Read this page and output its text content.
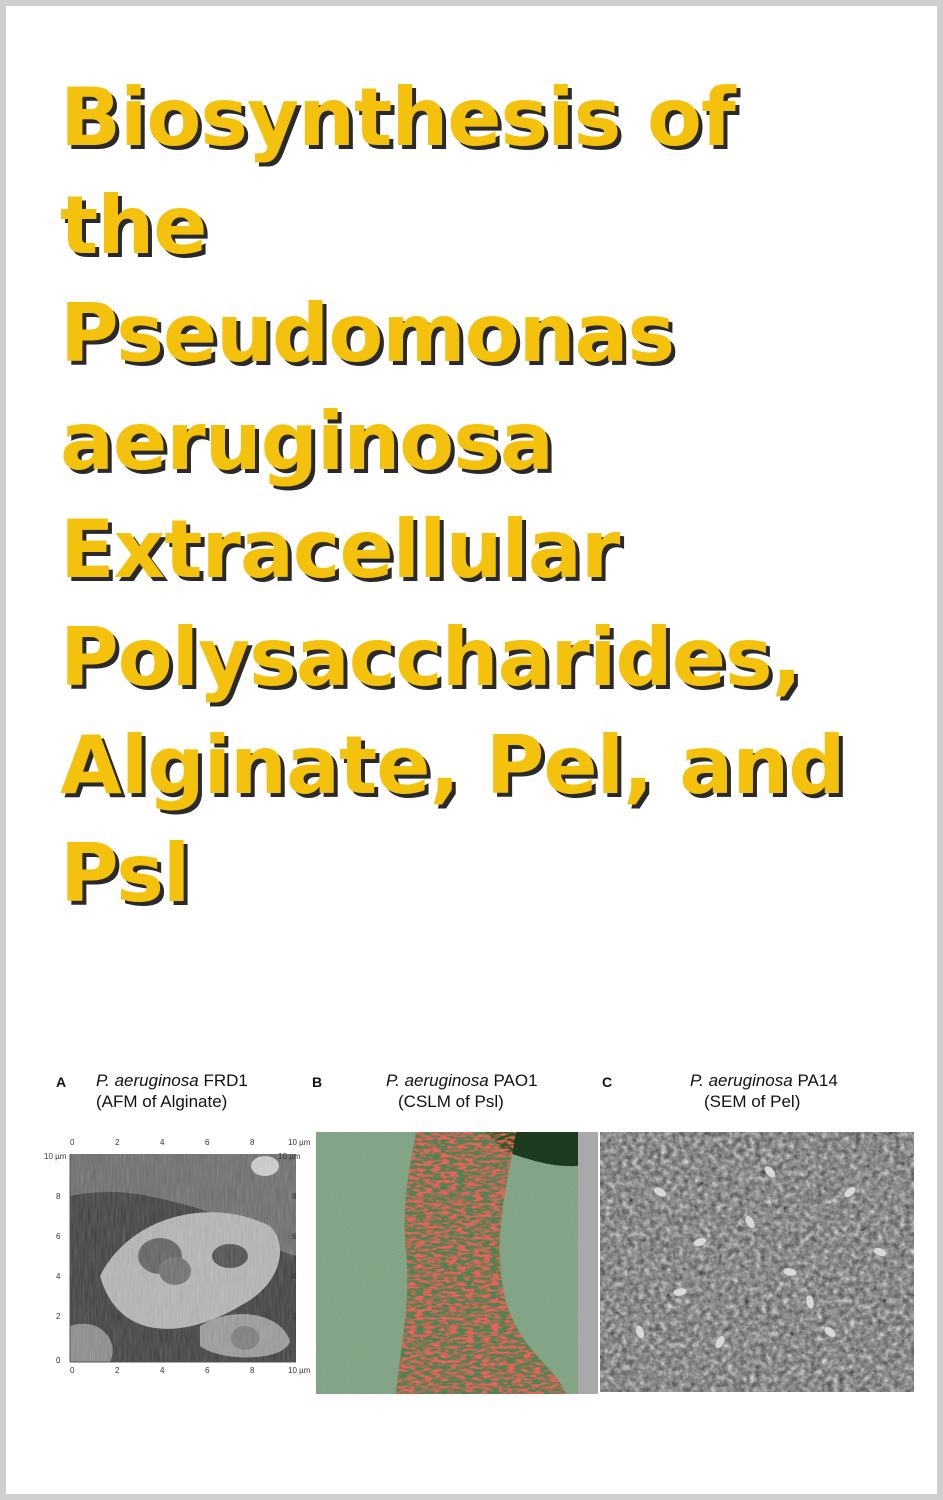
Biosynthesis of
the
Pseudomonas
aeruginosa
Extracellular
Polysaccharides,
Alginate, Pel, and
Psl
A P. aeruginosa FRD1
(AFM of Alginate)
0	2	4	6	8	10 µm
0	2	4	6	8	10 µm
10 µm
8
6
4
2
0
10 µm
8
6
4
2
B	P. aeruginosa PAO1
(CSLM of Psl)
C	P. aeruginosa PA14
(SEM of Pel)
